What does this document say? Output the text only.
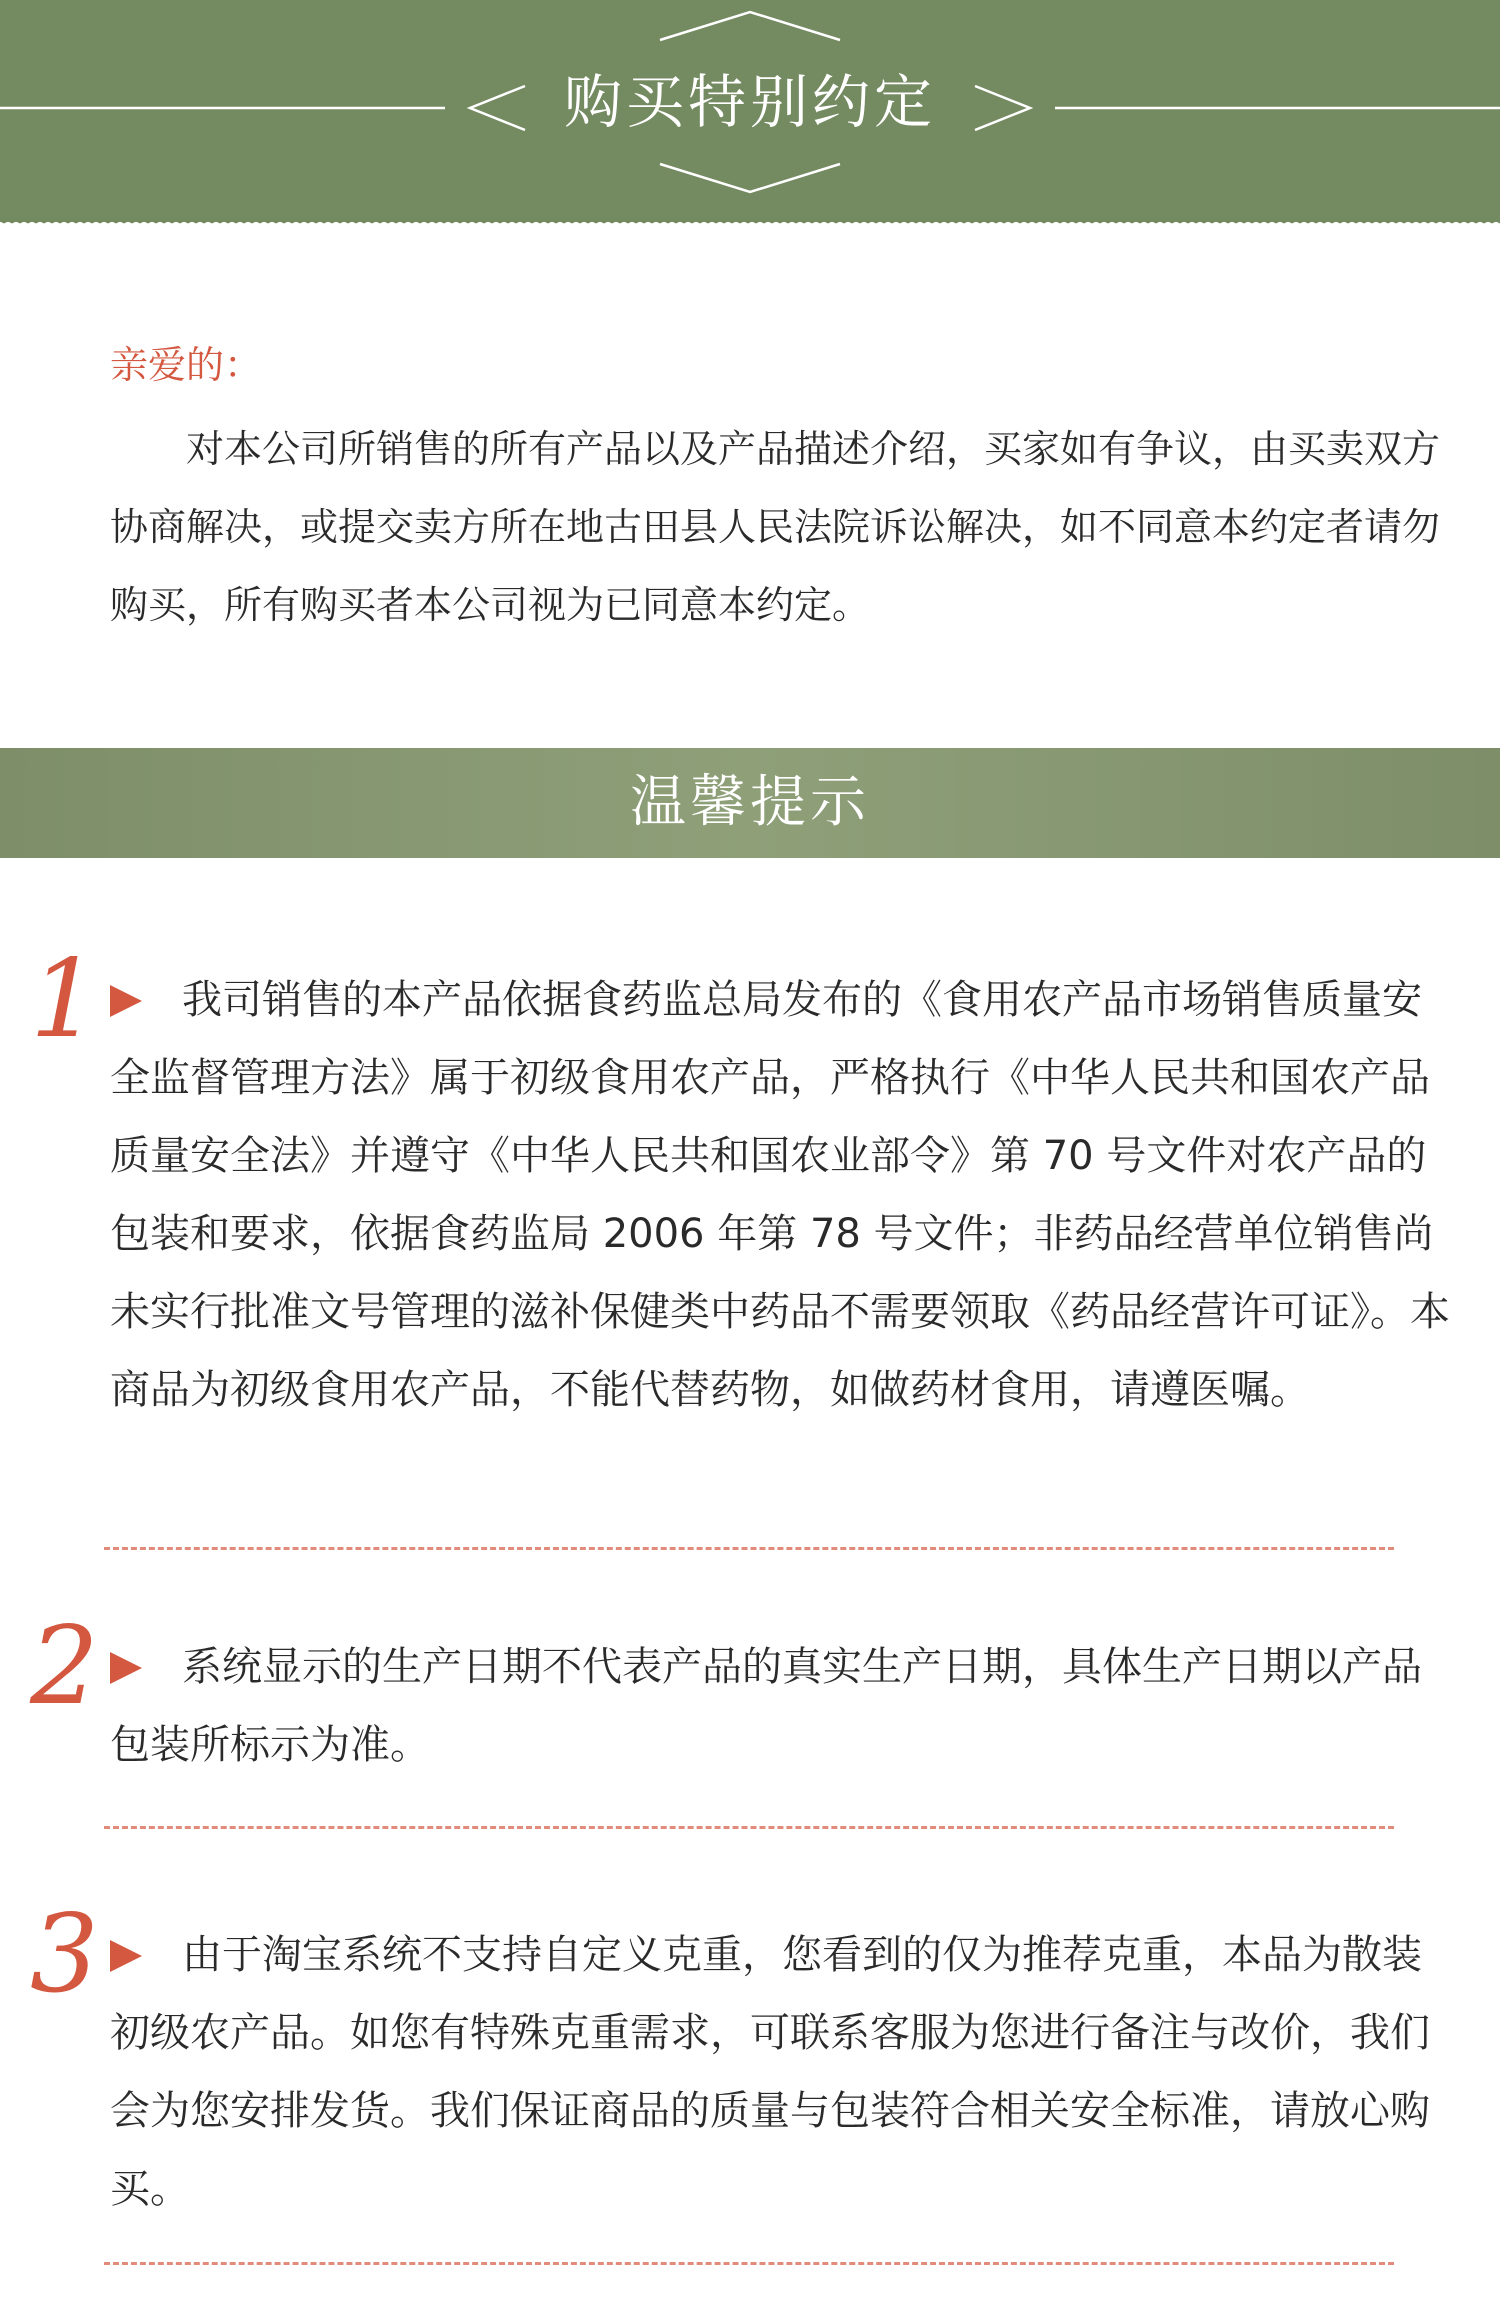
购买特别约定
亲爱的：
对本公司所销售的所有产品以及产品描述介绍，买家如有争议，由买卖双方协商解决，或提交卖方所在地古田县人民法院诉讼解决，如不同意本约定者请勿购买，所有购买者本公司视为已同意本约定。
温馨提示
1	我司销售的本产品依据食药监总局发布的《食用农产品市场销售质量安全监督管理方法》属于初级食用农产品，严格执行《中华人民共和国农产品质量安全法》并遵守《中华人民共和国农业部令》第 70 号文件对农产品的包装和要求，依据食药监局 2006 年第 78 号文件；非药品经营单位销售尚未实行批准文号管理的滋补保健类中药品不需要领取《药品经营许可证》。本商品为初级食用农产品，不能代替药物，如做药材食用，请遵医嘱。
2	系统显示的生产日期不代表产品的真实生产日期，具体生产日期以产品包装所标示为准。
3	由于淘宝系统不支持自定义克重，您看到的仅为推荐克重，本品为散装初级农产品。如您有特殊克重需求，可联系客服为您进行备注与改价，我们会为您安排发货。我们保证商品的质量与包装符合相关安全标准，请放心购买。
